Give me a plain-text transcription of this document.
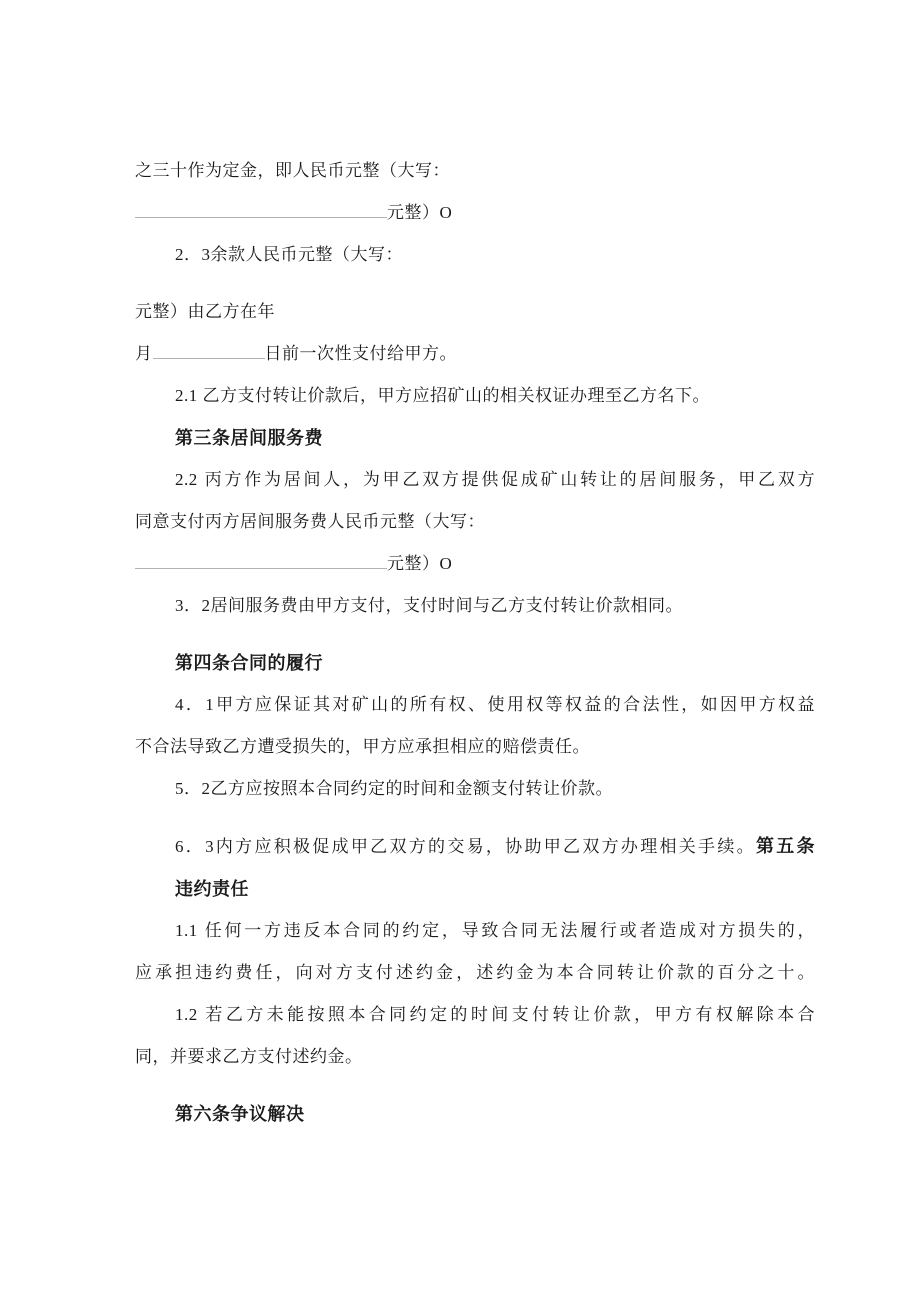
之三十作为定金，即人民币元整（大写：
元整）O
2．3余款人民币元整（大写：
元整）由乙方在年
月	日前一次性支付给甲方。
2.1 乙方支付转让价款后，甲方应招矿山的相关权证办理至乙方名下。
第三条居间服务费
2.2 丙方作为居间人，为甲乙双方提供促成矿山转让的居间服务，甲乙双方
同意支付丙方居间服务费人民币元整（大写：
元整）O
3．2居间服务费由甲方支付，支付时间与乙方支付转让价款相同。
第四条合同的履行
4．1甲方应保证其对矿山的所有权、使用权等权益的合法性，如因甲方权益
不合法导致乙方遭受损失的，甲方应承担相应的赔偿责任。
5．2乙方应按照本合同约定的时间和金额支付转让价款。
6．3内方应积极促成甲乙双方的交易，协助甲乙双方办理相关手续。第五条
违约责任
1.1 任何一方违反本合同的约定，导致合同无法履行或者造成对方损失的，
应承担违约费任，向对方支付述约金，述约金为本合同转让价款的百分之十。
1.2 若乙方未能按照本合同约定的时间支付转让价款，甲方有权解除本合
同，并要求乙方支付述约金。
第六条争议解决
